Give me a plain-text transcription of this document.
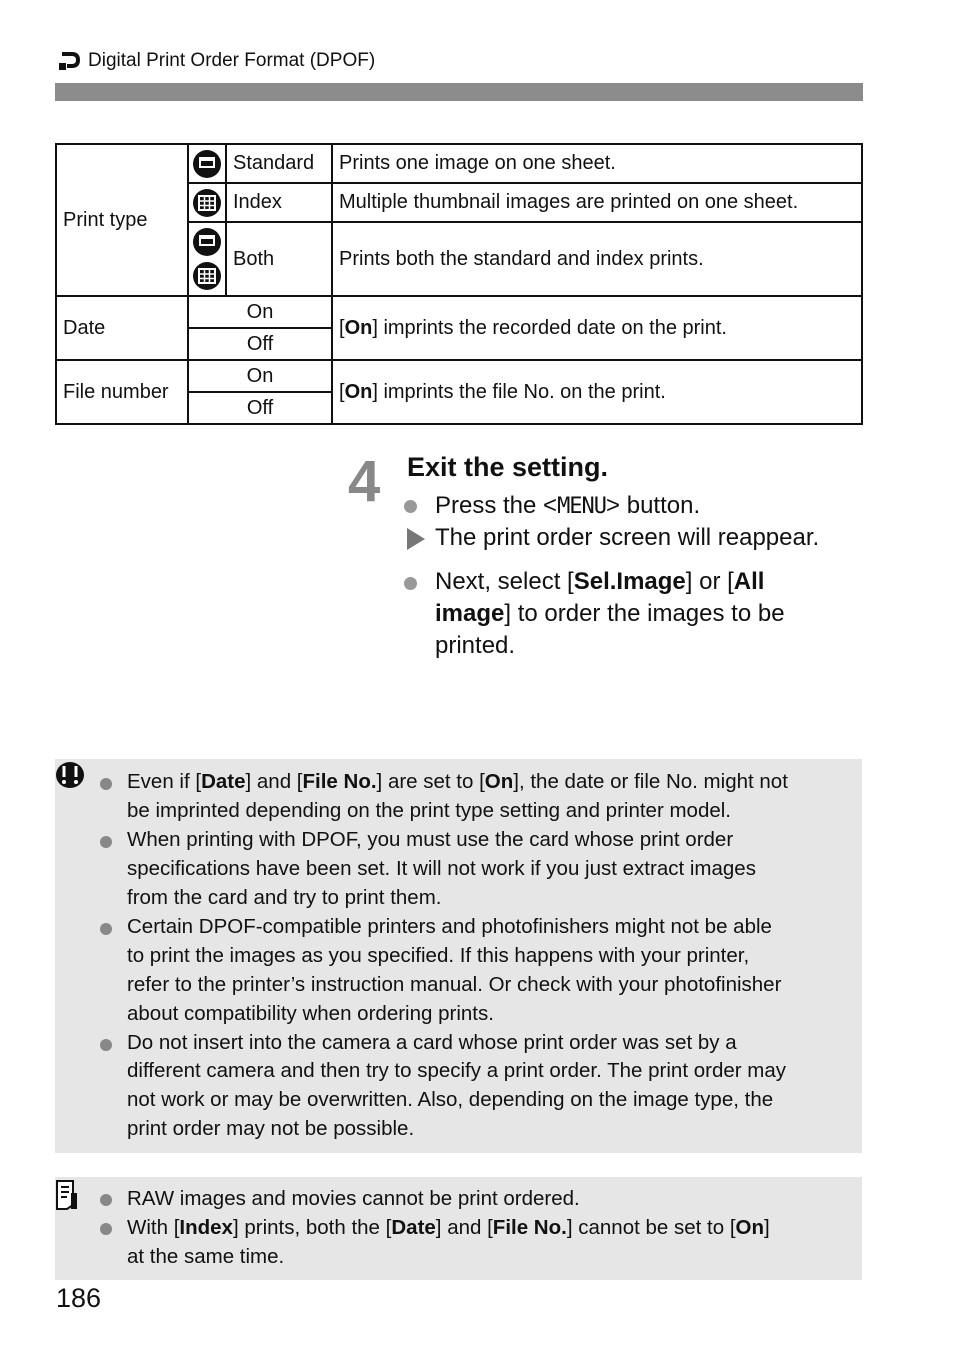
Digital Print Order Format (DPOF)
Print type		Standard	Prints one image on one sheet.

	Index	Multiple thumbnail images are printed on one sheet.

	Both	Prints both the standard and index prints.
Date	On		[On] imprints the recorded date on the print.
	Off		
File number	On		[On] imprints the file No. on the print.
	Off		
4 Exit the setting.
Press the <MENU> button.
The print order screen will reappear.
Next, select [Sel.Image] or [All
image] to order the images to be
printed.
Even if [Date] and [File No.] are set to [On], the date or file No. might not
be imprinted depending on the print type setting and printer model.
When printing with DPOF, you must use the card whose print order
specifications have been set. It will not work if you just extract images
from the card and try to print them.
Certain DPOF-compatible printers and photofinishers might not be able
to print the images as you specified. If this happens with your printer,
refer to the printer’s instruction manual. Or check with your photofinisher
about compatibility when ordering prints.
Do not insert into the camera a card whose print order was set by a
different camera and then try to specify a print order. The print order may
not work or may be overwritten. Also, depending on the image type, the
print order may not be possible.
RAW images and movies cannot be print ordered.
With [Index] prints, both the [Date] and [File No.] cannot be set to [On]
at the same time.
186
